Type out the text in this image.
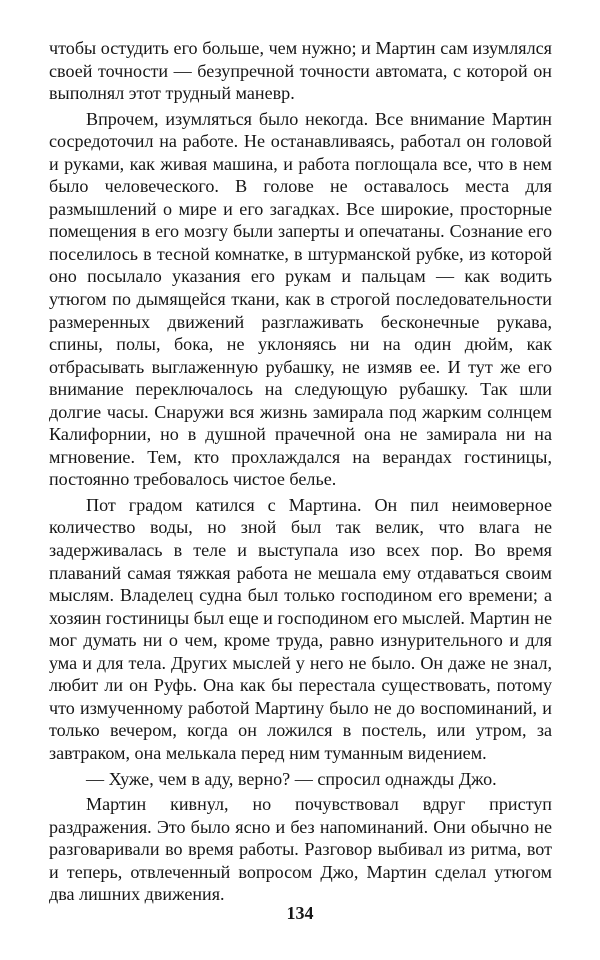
чтобы остудить его больше, чем нужно; и Мартин сам изумлялся своей точности — безупречной точности автомата, с которой он выполнял этот трудный маневр.

Впрочем, изумляться было некогда. Все внимание Мартин сосредоточил на работе. Не останавливаясь, работал он головой и руками, как живая машина, и работа поглощала все, что в нем было человеческого. В голове не оставалось места для размышлений о мире и его загадках. Все широкие, просторные помещения в его мозгу были заперты и опечатаны. Сознание его поселилось в тесной комнатке, в штурманской рубке, из которой оно посылало указания его рукам и пальцам — как водить утюгом по дымящейся ткани, как в строгой последовательности размеренных движений разглаживать бесконечные рукава, спины, полы, бока, не уклоняясь ни на один дюйм, как отбрасывать выглаженную рубашку, не измяв ее. И тут же его внимание переключалось на следующую рубашку. Так шли долгие часы. Снаружи вся жизнь замирала под жарким солнцем Калифорнии, но в душной прачечной она не замирала ни на мгновение. Тем, кто прохлаждался на верандах гостиницы, постоянно требовалось чистое белье.

Пот градом катился с Мартина. Он пил неимоверное количество воды, но зной был так велик, что влага не задерживалась в теле и выступала изо всех пор. Во время плаваний самая тяжкая работа не мешала ему отдаваться своим мыслям. Владелец судна был только господином его времени; а хозяин гостиницы был еще и господином его мыслей. Мартин не мог думать ни о чем, кроме труда, равно изнурительного и для ума и для тела. Других мыслей у него не было. Он даже не знал, любит ли он Руфь. Она как бы перестала существовать, потому что измученному работой Мартину было не до воспоминаний, и только вечером, когда он ложился в постель, или утром, за завтраком, она мелькала перед ним туманным видением.

— Хуже, чем в аду, верно? — спросил однажды Джо.

Мартин кивнул, но почувствовал вдруг приступ раздражения. Это было ясно и без напоминаний. Они обычно не разговаривали во время работы. Разговор выбивал из ритма, вот и теперь, отвлеченный вопросом Джо, Мартин сделал утюгом два лишних движения.

134
